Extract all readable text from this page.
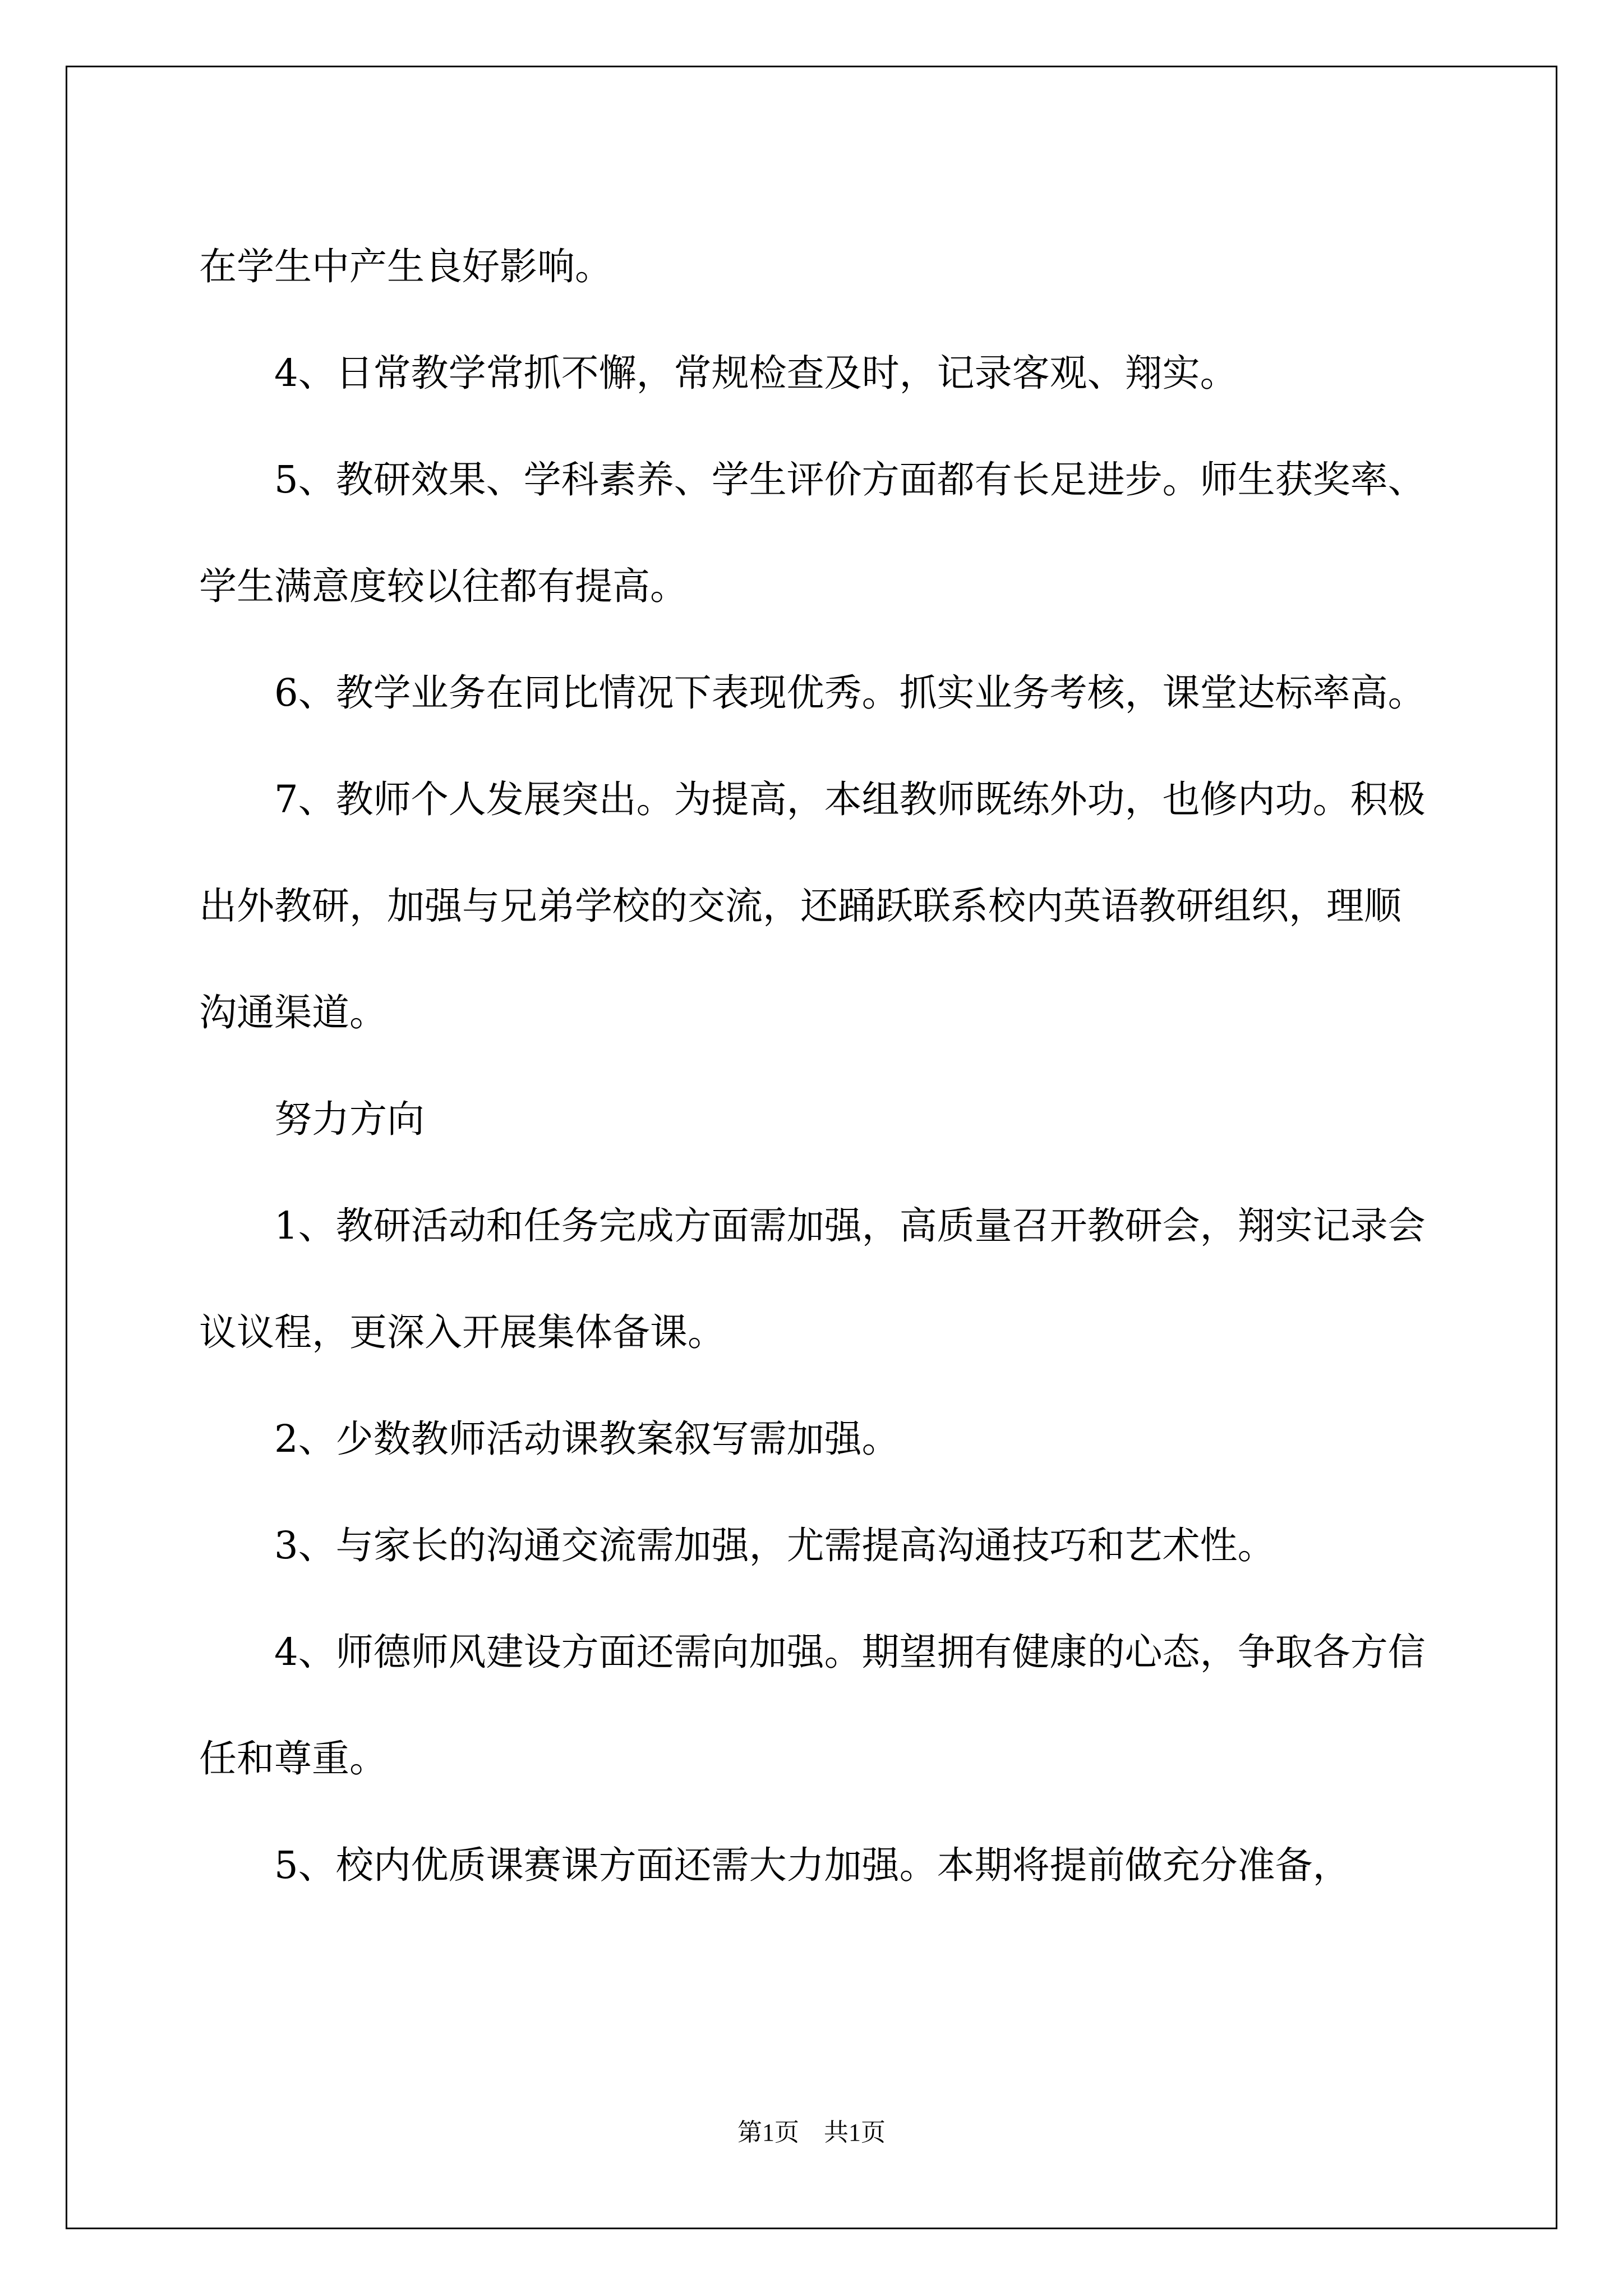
在学生中产生良好影响。

4、日常教学常抓不懈，常规检查及时，记录客观、翔实。

5、教研效果、学科素养、学生评价方面都有长足进步。师生获奖率、学生满意度较以往都有提高。

6、教学业务在同比情况下表现优秀。抓实业务考核，课堂达标率高。

7、教师个人发展突出。为提高，本组教师既练外功，也修内功。积极出外教研，加强与兄弟学校的交流，还踊跃联系校内英语教研组织，理顺沟通渠道。

努力方向

1、教研活动和任务完成方面需加强，高质量召开教研会，翔实记录会议议程，更深入开展集体备课。

2、少数教师活动课教案叙写需加强。

3、与家长的沟通交流需加强，尤需提高沟通技巧和艺术性。

4、师德师风建设方面还需向加强。期望拥有健康的心态，争取各方信任和尊重。

5、校内优质课赛课方面还需大力加强。本期将提前做充分准备，

第1页 共1页
